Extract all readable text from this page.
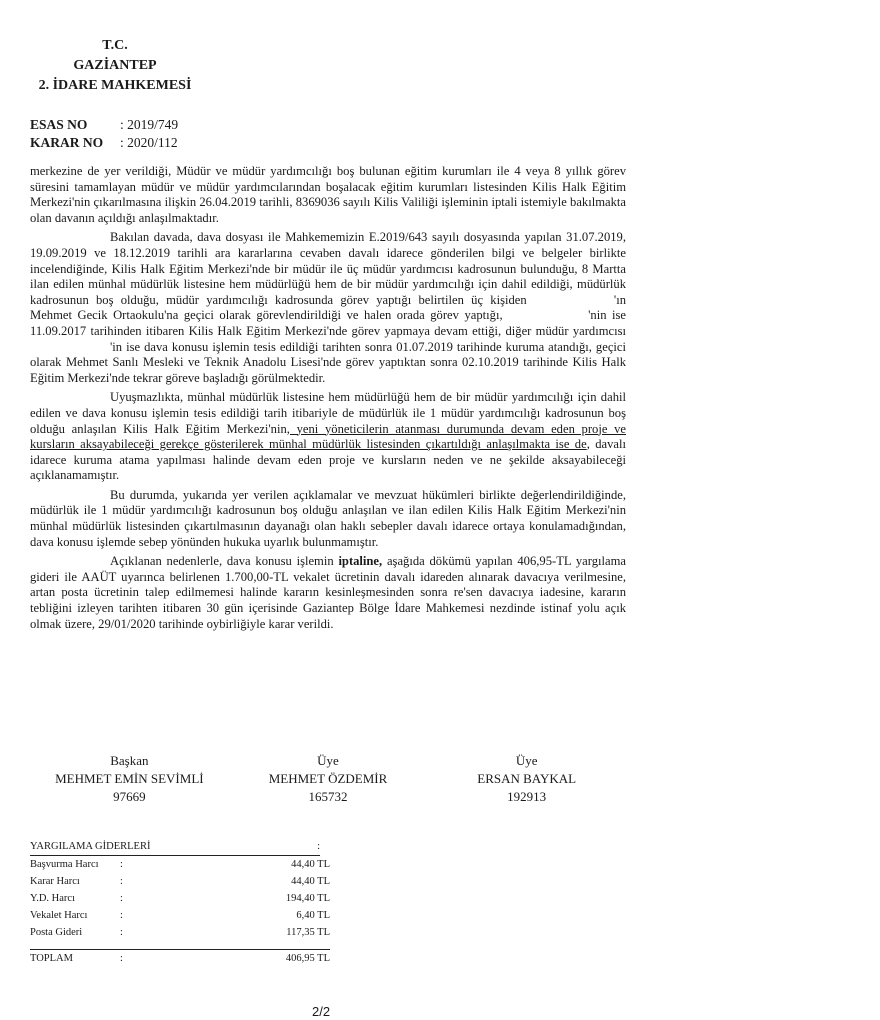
T.C.
GAZİANTEP
2. İDARE MAHKEMESİ
ESAS NO	: 2019/749
KARAR NO	: 2020/112

merkezine de yer verildiği, Müdür ve müdür yardımcılığı boş bulunan eğitim kurumları ile 4 veya 8 yıllık görev süresini tamamlayan müdür ve müdür yardımcılarından boşalacak eğitim kurumları listesinden Kilis Halk Eğitim Merkezi'nin çıkarılmasına ilişkin 26.04.2019 tarihli, 8369036 sayılı Kilis Valiliği işleminin iptali istemiyle bakılmakta olan davanın açıldığı anlaşılmaktadır.

Bakılan davada, dava dosyası ile Mahkememizin E.2019/643 sayılı dosyasında yapılan 31.07.2019, 19.09.2019 ve 18.12.2019 tarihli ara kararlarına cevaben davalı idarece gönderilen bilgi ve belgeler birlikte incelendiğinde, Kilis Halk Eğitim Merkezi'nde bir müdür ile üç müdür yardımcısı kadrosunun bulunduğu, 8 Martta ilan edilen münhal müdürlük listesine hem müdürlüğü hem de bir müdür yardımcılığı için dahil edildiği, müdürlük kadrosunun boş olduğu, müdür yardımcılığı kadrosunda görev yaptığı belirtilen üç kişiden	'ın Mehmet Gecik Ortaokulu'na geçici olarak görevlendirildiği ve halen orada görev yaptığı,	'nin ise 11.09.2017 tarihinden itibaren Kilis Halk Eğitim Merkezi'nde görev yapmaya devam ettiği, diğer müdür yardımcısı 'in ise dava konusu işlemin tesis edildiği tarihten sonra 01.07.2019 tarihinde kuruma atandığı, geçici olarak Mehmet Sanlı Mesleki ve Teknik Anadolu Lisesi'nde görev yaptıktan sonra 02.10.2019 tarihinde Kilis Halk Eğitim Merkezi'nde tekrar göreve başladığı görülmektedir.

Uyuşmazlıkta, münhal müdürlük listesine hem müdürlüğü hem de bir müdür yardımcılığı için dahil edilen ve dava konusu işlemin tesis edildiği tarih itibariyle de müdürlük ile 1 müdür yardımcılığı kadrosunun boş olduğu anlaşılan Kilis Halk Eğitim Merkezi'nin, yeni yöneticilerin atanması durumunda devam eden proje ve kursların aksayabileceği gerekçe gösterilerek münhal müdürlük listesinden çıkartıldığı anlaşılmakta ise de, davalı idarece kuruma atama yapılması halinde devam eden proje ve kursların neden ve ne şekilde aksayabileceği açıklanamamıştır.

Bu durumda, yukarıda yer verilen açıklamalar ve mevzuat hükümleri birlikte değerlendirildiğinde, müdürlük ile 1 müdür yardımcılığı kadrosunun boş olduğu anlaşılan ve ilan edilen Kilis Halk Eğitim Merkezi'nin münhal müdürlük listesinden çıkartılmasının dayanağı olan haklı sebepler davalı idarece ortaya konulamadığından, dava konusu işlemde sebep yönünden hukuka uyarlık bulunmamıştır.

Açıklanan nedenlerle, dava konusu işlemin iptaline, aşağıda dökümü yapılan 406,95-TL yargılama gideri ile AAÜT uyarınca belirlenen 1.700,00-TL vekalet ücretinin davalı idareden alınarak davacıya verilmesine, artan posta ücretinin talep edilmemesi halinde kararın kesinleşmesinden sonra re'sen davacıya iadesine, kararın tebliğini izleyen tarihten itibaren 30 gün içerisinde Gaziantep Bölge İdare Mahkemesi nezdinde istinaf yolu açık olmak üzere, 29/01/2020 tarihinde oybirliğiyle karar verildi.

Başkan
MEHMET EMİN SEVİMLİ
97669
Üye
MEHMET ÖZDEMİR
165732
Üye
ERSAN BAYKAL
192913
YARGILAMA GİDERLERİ	:
Başvurma Harcı	:	44,40 TL
Karar Harcı	:	44,40 TL
Y.D. Harcı	:	194,40 TL
Vekalet Harcı	:	6,40 TL
Posta Gideri	:	117,35 TL
TOPLAM	:	406,95 TL
2/2
